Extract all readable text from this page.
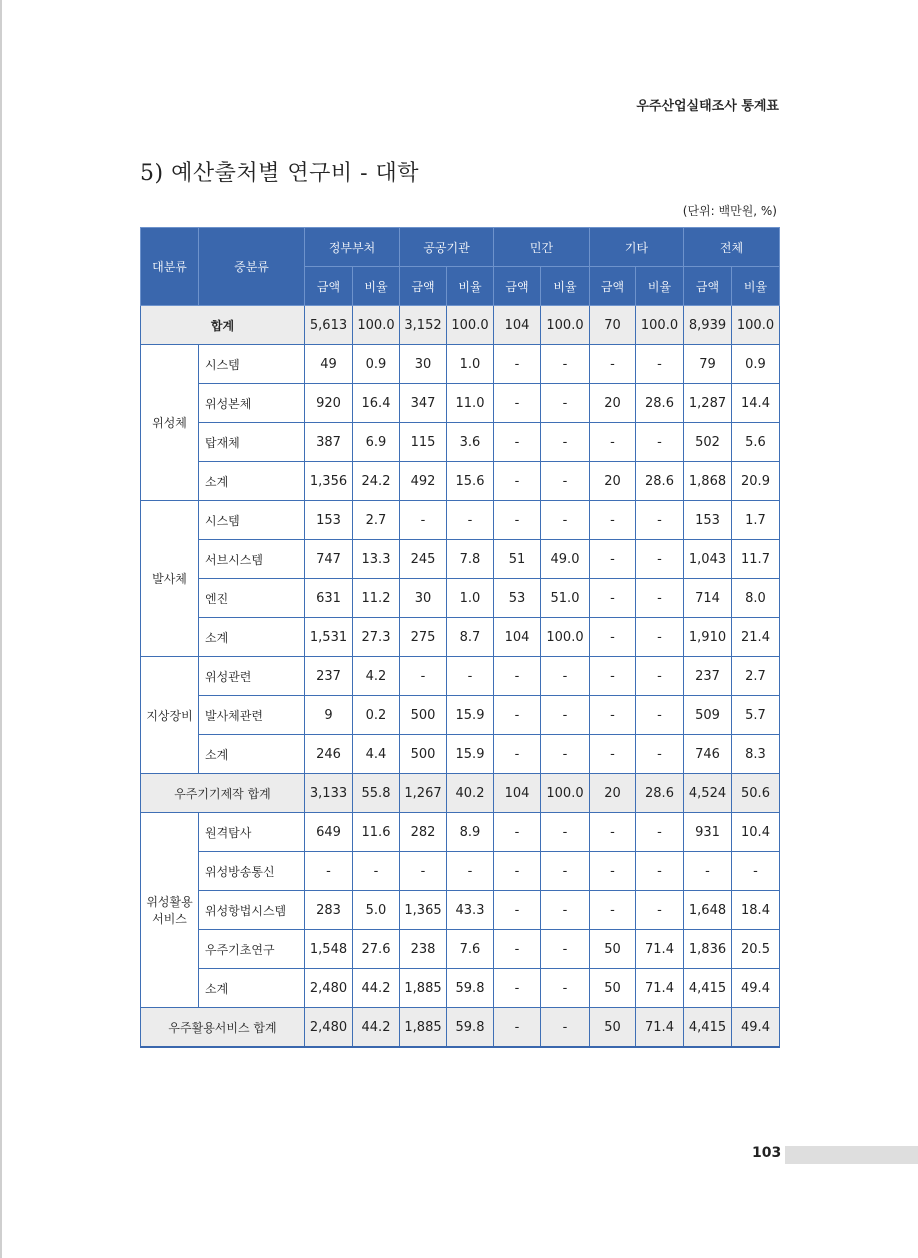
우주산업실태조사 통계표
5) 예산출처별 연구비 - 대학
(단위: 백만원, %)
대분류	중분류	정부부처		공공기관		민간		기타		전체	
		금액	비율	금액	비율	금액	비율	금액	비율	금액	비율
합계		5,613	100.0	3,152	100.0	104	100.0	70	100.0	8,939	100.0
위성체	시스템	49	0.9	30	1.0	-	-	-	-	79	0.9
	위성본체	920	16.4	347	11.0	-	-	20	28.6	1,287	14.4
	탑재체	387	6.9	115	3.6	-	-	-	-	502	5.6
	소계	1,356	24.2	492	15.6	-	-	20	28.6	1,868	20.9
발사체	시스템	153	2.7	-	-	-	-	-	-	153	1.7
	서브시스템	747	13.3	245	7.8	51	49.0	-	-	1,043	11.7
	엔진	631	11.2	30	1.0	53	51.0	-	-	714	8.0
	소계	1,531	27.3	275	8.7	104	100.0	-	-	1,910	21.4
지상장비	위성관련	237	4.2	-	-	-	-	-	-	237	2.7
	발사체관련	9	0.2	500	15.9	-	-	-	-	509	5.7
	소계	246	4.4	500	15.9	-	-	-	-	746	8.3
우주기기제작 합계		3,133	55.8	1,267	40.2	104	100.0	20	28.6	4,524	50.6
위성활용
서비스	원격탐사	649	11.6	282	8.9	-	-	-	-	931	10.4
	위성방송통신	-	-	-	-	-	-	-	-	-	-
	위성항법시스템	283	5.0	1,365	43.3	-	-	-	-	1,648	18.4
	우주기초연구	1,548	27.6	238	7.6	-	-	50	71.4	1,836	20.5
	소계	2,480	44.2	1,885	59.8	-	-	50	71.4	4,415	49.4
우주활용서비스 합계		2,480	44.2	1,885	59.8	-	-	50	71.4	4,415	49.4
103
